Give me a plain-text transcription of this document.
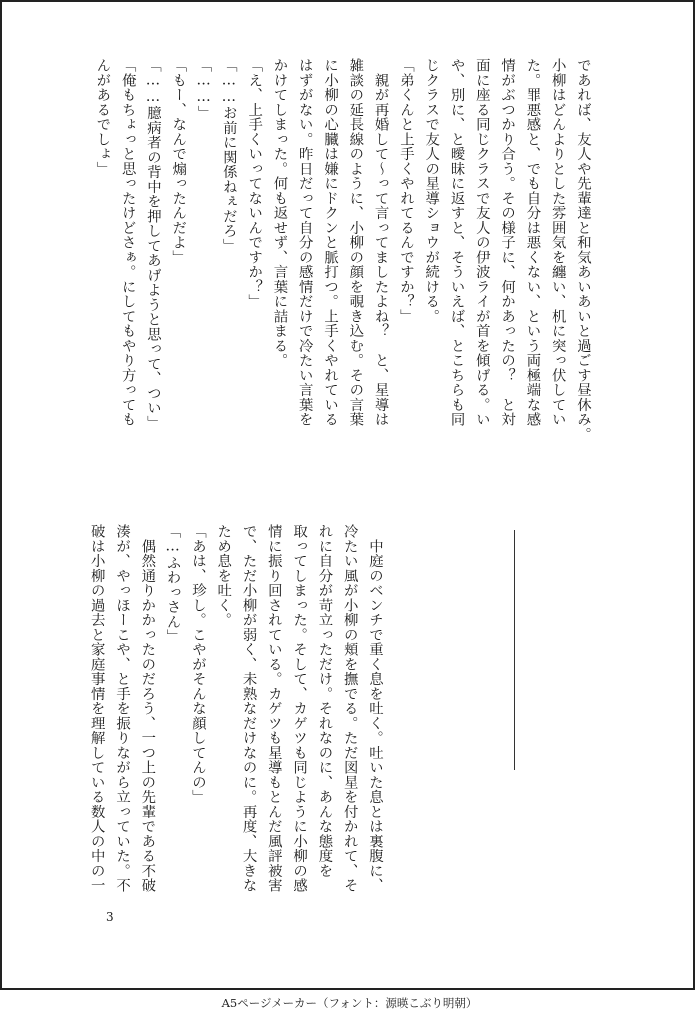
であれば、友人や先輩達と和気あいあいと過ごす昼休み。
小柳はどんよりとした雰囲気を纏い、机に突っ伏してい
た。罪悪感と、でも自分は悪くない、という両極端な感
情がぶつかり合う。その様子に、何かあったの？　と対
面に座る同じクラスで友人の伊波ライが首を傾げる。い
や、別に、と曖昧に返すと、そういえば、とこちらも同
じクラスで友人の星導ショウが続ける。
「弟くんと上手くやれてるんですか？」
　親が再婚して～って言ってましたよね？　と、星導は
雑談の延長線のように、小柳の顔を覗き込む。その言葉
に小柳の心臓は嫌にドクンと脈打つ。上手くやれている
はずがない。昨日だって自分の感情だけで冷たい言葉を
かけてしまった。何も返せず、言葉に詰まる。
「え、上手くいってないんですか？」
「……お前に関係ねぇだろ」
「……」
「もー、なんで煽ったんだよ」
「……臆病者の背中を押してあげようと思って、つい」
「俺もちょっと思ったけどさぁ。にしてもやり方っても
んがあるでしょ」
　中庭のベンチで重く息を吐く。吐いた息とは裏腹に、
冷たい風が小柳の頬を撫でる。ただ図星を付かれて、そ
れに自分が苛立っただけ。それなのに、あんな態度を
取ってしまった。そして、カゲツも同じように小柳の感
情に振り回されている。カゲツも星導もとんだ風評被害
で、ただ小柳が弱く、未熟なだけなのに。再度、大きな
ため息を吐く。
「あは、珍し。こやがそんな顔してんの」
「…ふわっさん」
　偶然通りかかったのだろう、一つ上の先輩である不破
湊が、やっほーこや、と手を振りながら立っていた。不
破は小柳の過去と家庭事情を理解している数人の中の一
3
A5ページメーカー（フォント：源暎こぶり明朝）
